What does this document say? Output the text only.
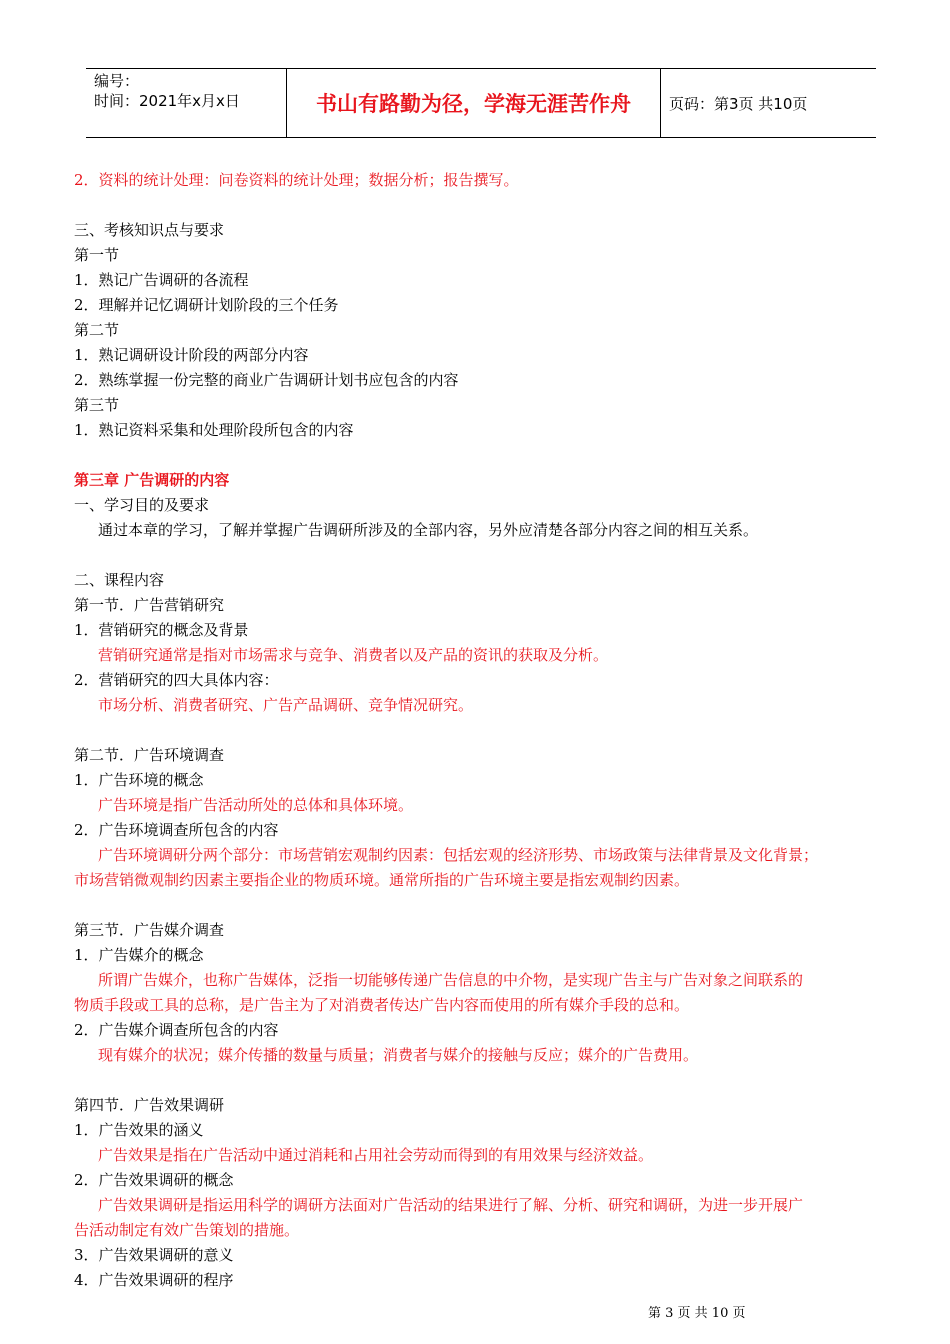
编号：
时间：2021年x月x日	书山有路勤为径，学海无涯苦作舟	页码：第3页 共10页
2．资料的统计处理：问卷资料的统计处理；数据分析；报告撰写。
三、考核知识点与要求
第一节
1．熟记广告调研的各流程
2．理解并记忆调研计划阶段的三个任务
第二节
1．熟记调研设计阶段的两部分内容
2．熟练掌握一份完整的商业广告调研计划书应包含的内容
第三节
1．熟记资料采集和处理阶段所包含的内容
第三章 广告调研的内容
一、学习目的及要求
通过本章的学习，了解并掌握广告调研所涉及的全部内容，另外应清楚各部分内容之间的相互关系。
二、课程内容
第一节．广告营销研究
1．营销研究的概念及背景
营销研究通常是指对市场需求与竞争、消费者以及产品的资讯的获取及分析。
2．营销研究的四大具体内容：
市场分析、消费者研究、广告产品调研、竞争情况研究。
第二节．广告环境调查
1．广告环境的概念
广告环境是指广告活动所处的总体和具体环境。
2．广告环境调查所包含的内容
广告环境调研分两个部分：市场营销宏观制约因素：包括宏观的经济形势、市场政策与法律背景及文化背景；
市场营销微观制约因素主要指企业的物质环境。通常所指的广告环境主要是指宏观制约因素。
第三节．广告媒介调查
1．广告媒介的概念
所谓广告媒介，也称广告媒体，泛指一切能够传递广告信息的中介物，是实现广告主与广告对象之间联系的
物质手段或工具的总称，是广告主为了对消费者传达广告内容而使用的所有媒介手段的总和。
2．广告媒介调查所包含的内容
现有媒介的状况；媒介传播的数量与质量；消费者与媒介的接触与反应；媒介的广告费用。
第四节．广告效果调研
1．广告效果的涵义
广告效果是指在广告活动中通过消耗和占用社会劳动而得到的有用效果与经济效益。
2．广告效果调研的概念
广告效果调研是指运用科学的调研方法面对广告活动的结果进行了解、分析、研究和调研，为进一步开展广
告活动制定有效广告策划的措施。
3．广告效果调研的意义
4．广告效果调研的程序
第 3 页 共 10 页
